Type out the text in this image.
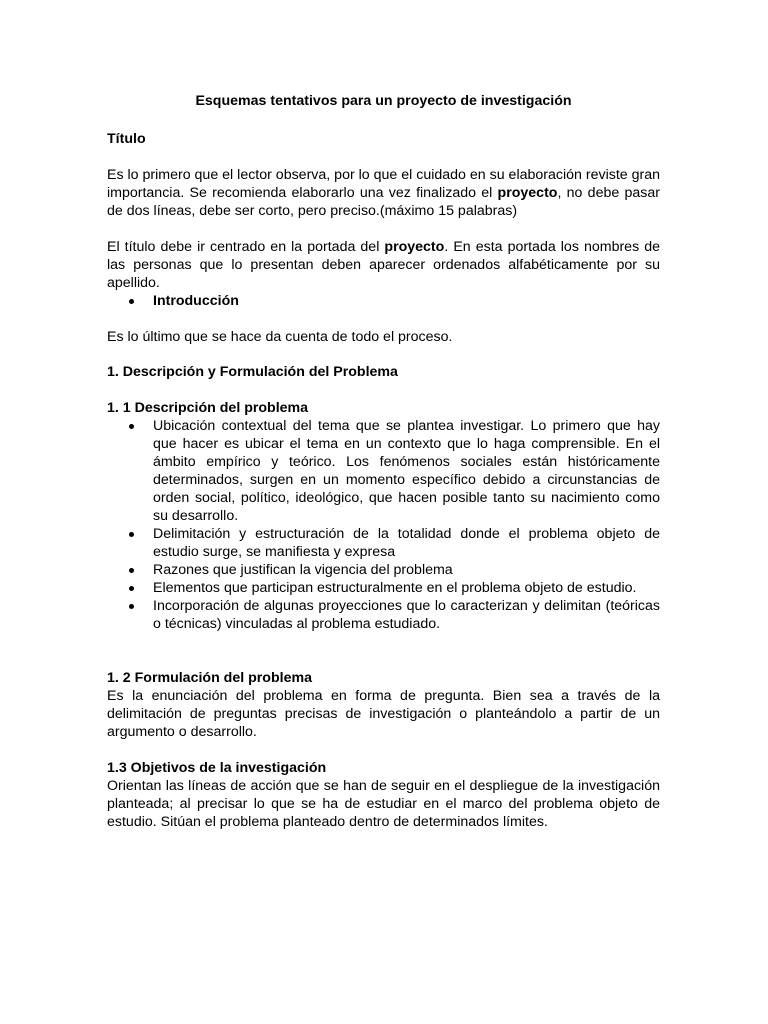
Esquemas tentativos para un proyecto de investigación
Título

Es lo primero que el lector observa, por lo que el cuidado en su elaboración reviste gran importancia. Se recomienda elaborarlo una vez finalizado el proyecto, no debe pasar de dos líneas, debe ser corto, pero preciso.(máximo 15 palabras)

El título debe ir centrado en la portada del proyecto. En esta portada los nombres de las personas que lo presentan deben aparecer ordenados alfabéticamente por su apellido.

Introducción

Es lo último que se hace da cuenta de todo el proceso.

1. Descripción y Formulación del Problema
1. 1 Descripción del problema
Ubicación contextual del tema que se plantea investigar. Lo primero que hay que hacer es ubicar el tema en un contexto que lo haga comprensible. En el ámbito empírico y teórico. Los fenómenos sociales están históricamente determinados, surgen en un momento específico debido a circunstancias de orden social, político, ideológico, que hacen posible tanto su nacimiento como su desarrollo.
Delimitación y estructuración de la totalidad donde el problema objeto de estudio surge, se manifiesta y expresa
Razones que justifican la vigencia del problema
Elementos que participan estructuralmente en el problema objeto de estudio.
Incorporación de algunas proyecciones que lo caracterizan y delimitan (teóricas o técnicas) vinculadas al problema estudiado.
1. 2 Formulación del problema

Es la enunciación del problema en forma de pregunta. Bien sea a través de la delimitación de preguntas precisas de investigación o planteándolo a partir de un argumento o desarrollo.

1.3 Objetivos de la investigación

Orientan las líneas de acción que se han de seguir en el despliegue de la investigación planteada; al precisar lo que se ha de estudiar en el marco del problema objeto de estudio. Sitúan el problema planteado dentro de determinados límites.
